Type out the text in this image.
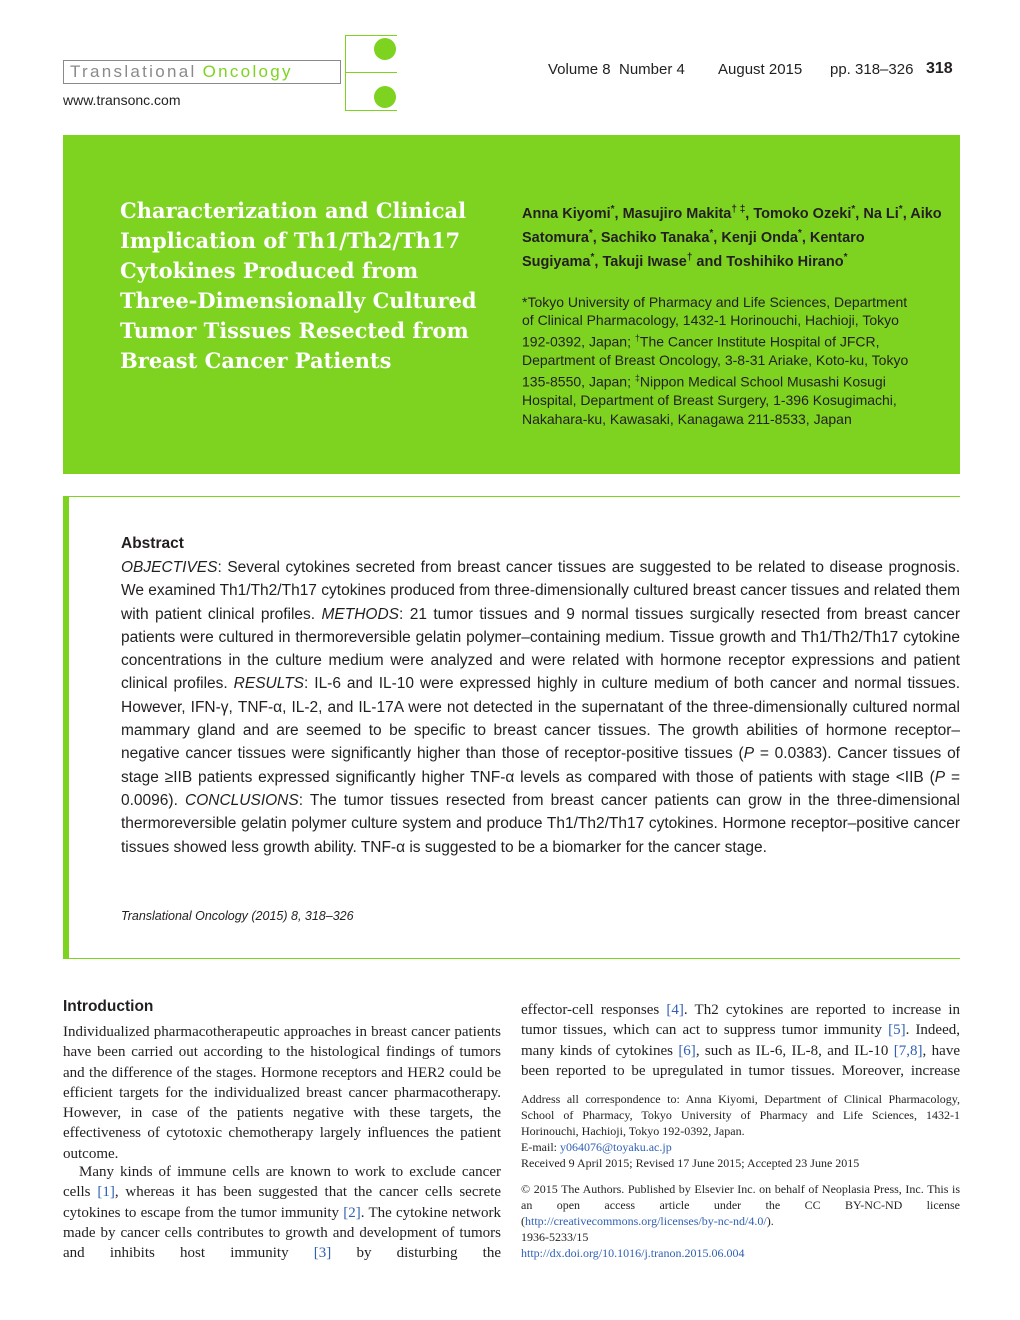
Translational Oncology
www.transonc.com
Volume 8 Number 4 August 2015 pp. 318–326 318
Characterization and Clinical Implication of Th1/Th2/Th17 Cytokines Produced from Three-Dimensionally Cultured Tumor Tissues Resected from Breast Cancer Patients
Anna Kiyomi*, Masujiro Makita† ‡, Tomoko Ozeki*, Na Li*, Aiko Satomura*, Sachiko Tanaka*, Kenji Onda*, Kentaro Sugiyama*, Takuji Iwase† and Toshihiko Hirano*
*Tokyo University of Pharmacy and Life Sciences, Department of Clinical Pharmacology, 1432-1 Horinouchi, Hachioji, Tokyo 192-0392, Japan; †The Cancer Institute Hospital of JFCR, Department of Breast Oncology, 3-8-31 Ariake, Koto-ku, Tokyo 135-8550, Japan; ‡Nippon Medical School Musashi Kosugi Hospital, Department of Breast Surgery, 1-396 Kosugimachi, Nakahara-ku, Kawasaki, Kanagawa 211-8533, Japan
Abstract

OBJECTIVES: Several cytokines secreted from breast cancer tissues are suggested to be related to disease prognosis. We examined Th1/Th2/Th17 cytokines produced from three-dimensionally cultured breast cancer tissues and related them with patient clinical profiles. METHODS: 21 tumor tissues and 9 normal tissues surgically resected from breast cancer patients were cultured in thermoreversible gelatin polymer–containing medium. Tissue growth and Th1/Th2/Th17 cytokine concentrations in the culture medium were analyzed and were related with hormone receptor expressions and patient clinical profiles. RESULTS: IL-6 and IL-10 were expressed highly in culture medium of both cancer and normal tissues. However, IFN-γ, TNF-α, IL-2, and IL-17A were not detected in the supernatant of the three-dimensionally cultured normal mammary gland and are seemed to be specific to breast cancer tissues. The growth abilities of hormone receptor–negative cancer tissues were significantly higher than those of receptor-positive tissues (P = 0.0383). Cancer tissues of stage ≥IIB patients expressed significantly higher TNF-α levels as compared with those of patients with stage <IIB (P = 0.0096). CONCLUSIONS: The tumor tissues resected from breast cancer patients can grow in the three-dimensional thermoreversible gelatin polymer culture system and produce Th1/Th2/Th17 cytokines. Hormone receptor–positive cancer tissues showed less growth ability. TNF-α is suggested to be a biomarker for the cancer stage.

Translational Oncology (2015) 8, 318–326
Introduction

Individualized pharmacotherapeutic approaches in breast cancer patients have been carried out according to the histological findings of tumors and the difference of the stages. Hormone receptors and HER2 could be efficient targets for the individualized breast cancer pharmacotherapy. However, in case of the patients negative with these targets, the effectiveness of cytotoxic chemotherapy largely influences the patient outcome.

Many kinds of immune cells are known to work to exclude cancer cells [1], whereas it has been suggested that the cancer cells secrete cytokines to escape from the tumor immunity [2]. The cytokine network made by cancer cells contributes to growth and development of tumors and inhibits host immunity [3] by disturbing the

effector-cell responses [4]. Th2 cytokines are reported to increase in tumor tissues, which can act to suppress tumor immunity [5]. Indeed, many kinds of cytokines [6], such as IL-6, IL-8, and IL-10 [7,8], have been reported to be upregulated in tumor tissues. Moreover, increase

Address all correspondence to: Anna Kiyomi, Department of Clinical Pharmacology, School of Pharmacy, Tokyo University of Pharmacy and Life Sciences, 1432-1 Horinouchi, Hachioji, Tokyo 192-0392, Japan.
E-mail: y064076@toyaku.ac.jp
Received 9 April 2015; Revised 17 June 2015; Accepted 23 June 2015
© 2015 The Authors. Published by Elsevier Inc. on behalf of Neoplasia Press, Inc. This is an open access article under the CC BY-NC-ND license (http://creativecommons.org/licenses/by-nc-nd/4.0/).
1936-5233/15
http://dx.doi.org/10.1016/j.tranon.2015.06.004
